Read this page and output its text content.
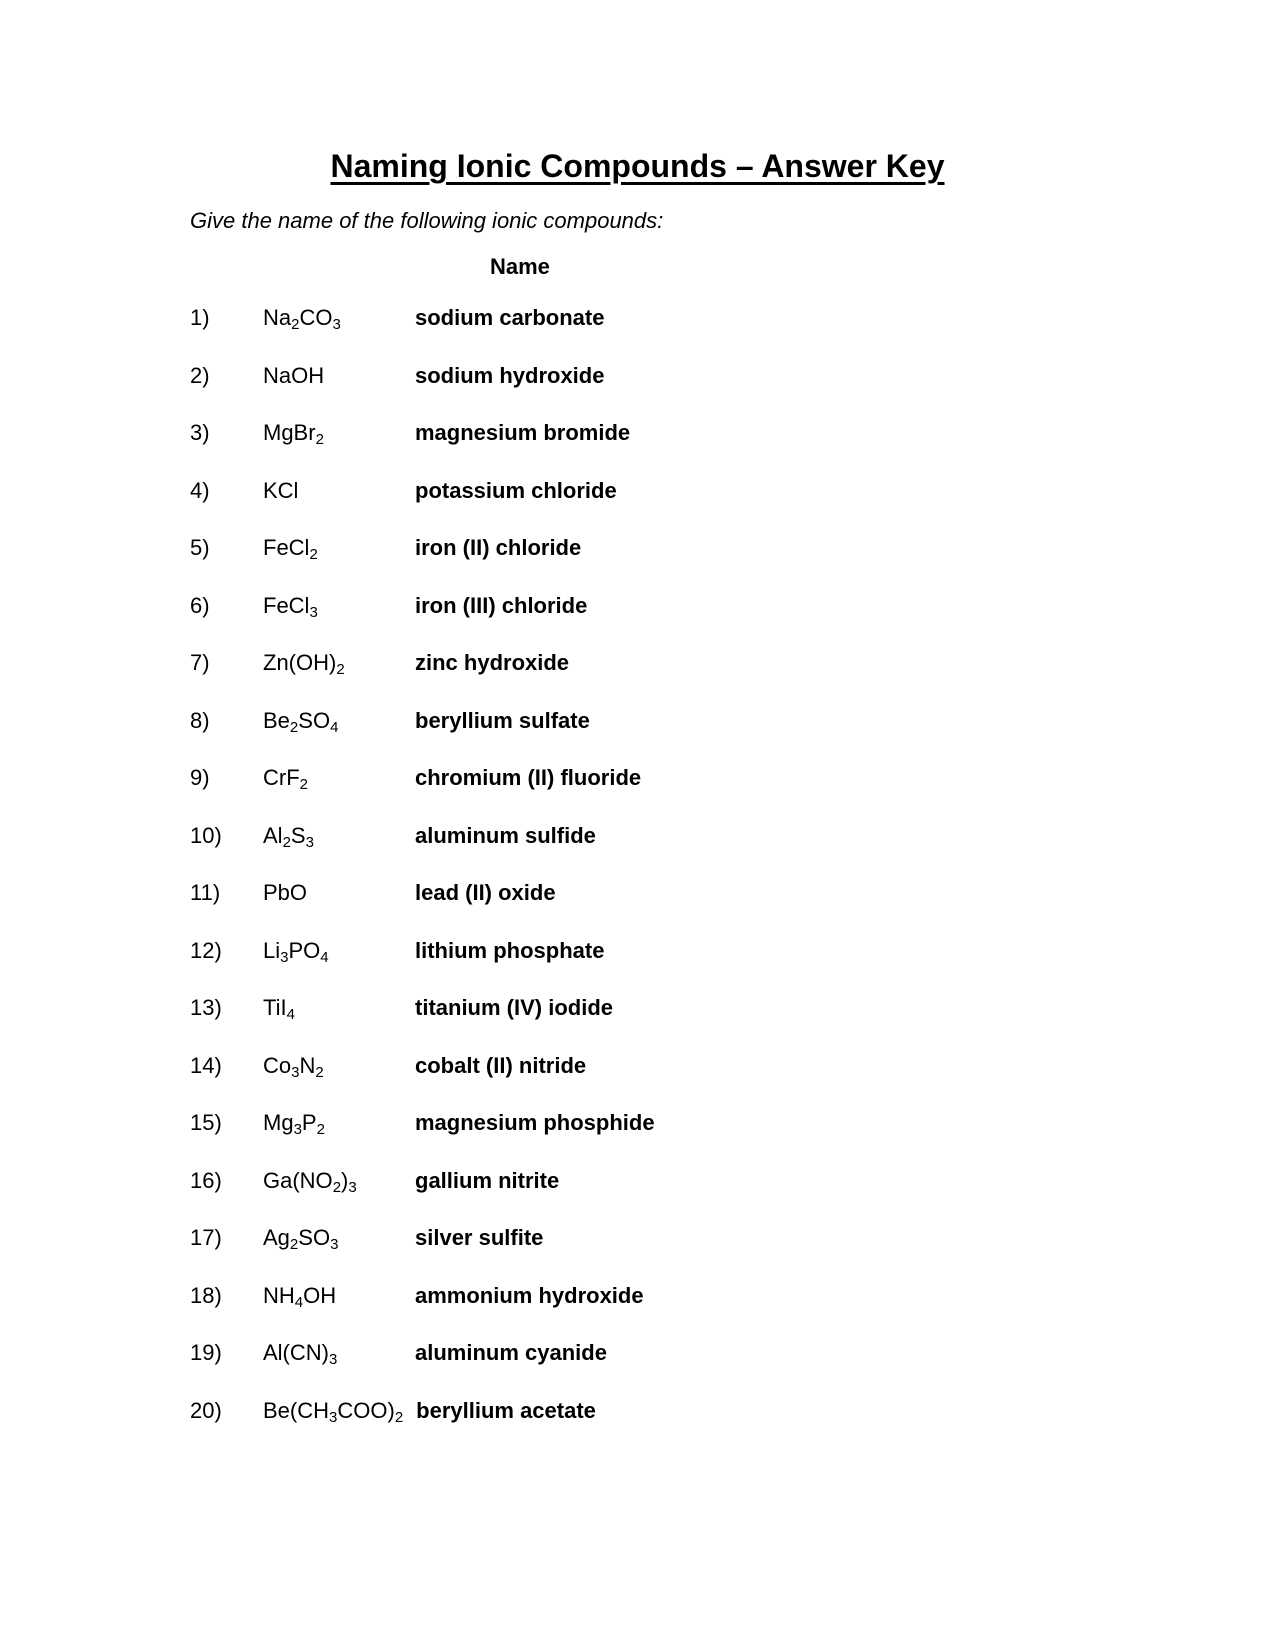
Naming Ionic Compounds – Answer Key

Give the name of the following ionic compounds:

Name
1)	$Na_2CO_3$	sodium carbonate
2)	NaOH	sodium hydroxide
3)	MgBr$_2$	magnesium bromide
4)	KCl	potassium chloride
5)	FeCl$_2$	iron (II) chloride
6)	FeCl$_3$	iron (III) chloride
7)	$Zn(OH)_2$	zinc hydroxide
8)	$Be_2SO_4$	beryllium sulfate
9)	CrF$_2$	chromium (II) fluoride
10)	$Al_2S_3$	aluminum sulfide
11)	PbO	lead (II) oxide
12)	$Li_3PO_4$	lithium phosphate
13)	TiI$_4$	titanium (IV) iodide
14)	$Co_3N_2$	cobalt (II) nitride
15)	$Mg_3P_2$	magnesium phosphide
16)	$Ga(NO_2)_3$	gallium nitrite
17)	$Ag_2SO_3$	silver sulfite
18)	$NH_4OH$	ammonium hydroxide
19)	$Al(CN)_3$	aluminum cyanide
20)	$Be(CH_3COO)_2$ beryllium acetate
